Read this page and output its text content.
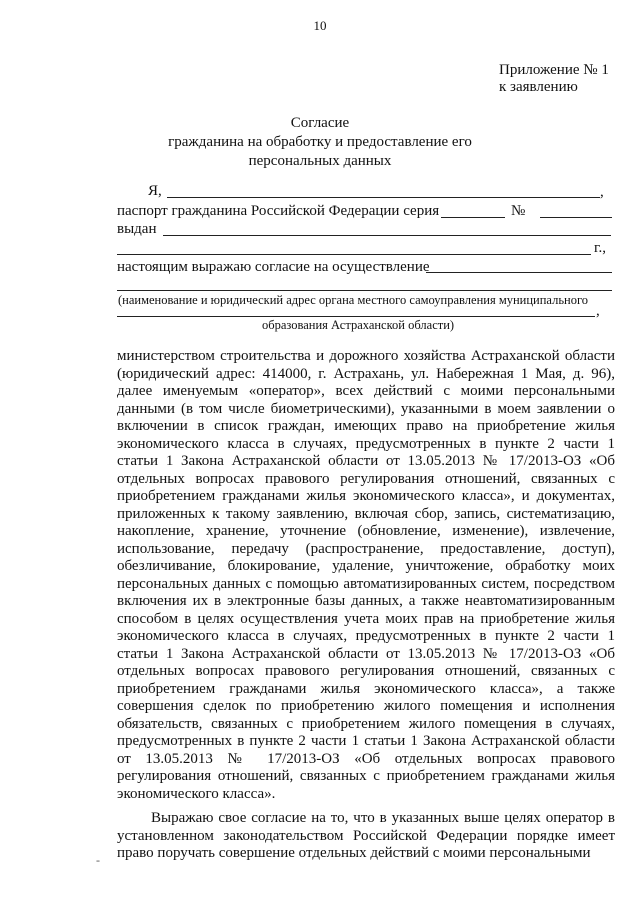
10
Приложение № 1
к заявлению
Согласие
гражданина на обработку и предоставление его
персональных данных
Я,	,
паспорт гражданина Российской Федерации серия	№
выдан
г.,
настоящим выражаю согласие на осуществление
(наименование и юридический адрес органа местного самоуправления муниципального
,
образования Астраханской области)

министерством строительства и дорожного хозяйства Астраханской области (юридический адрес: 414000, г. Астрахань, ул. Набережная 1 Мая, д. 96), далее именуемым «оператор», всех действий с моими персональными данными (в том числе биометрическими), указанными в моем заявлении о включении в список граждан, имеющих право на приобретение жилья экономического класса в случаях, предусмотренных в пункте 2 части 1 статьи 1 Закона Астраханской области от 13.05.2013 № 17/2013-ОЗ «Об отдельных вопросах правового регулирования отношений, связанных с приобретением гражданами жилья экономического класса», и документах, приложенных к такому заявлению, включая сбор, запись, систематизацию, накопление, хранение, уточнение (обновление, изменение), извлечение, использование, передачу (распространение, предоставление, доступ), обезличивание, блокирование, удаление, уничтожение, обработку моих персональных данных с помощью автоматизированных систем, посредством включения их в электронные базы данных, а также неавтоматизированным способом в целях осуществления учета моих прав на приобретение жилья экономического класса в случаях, предусмотренных в пункте 2 части 1 статьи 1 Закона Астраханской области от 13.05.2013 № 17/2013-ОЗ «Об отдельных вопросах правового регулирования отношений, связанных с приобретением гражданами жилья экономического класса», а также совершения сделок по приобретению жилого помещения и исполнения обязательств, связанных с приобретением жилого помещения в случаях, предусмотренных в пункте 2 части 1 статьи 1 Закона Астраханской области от 13.05.2013 № 17/2013-ОЗ «Об отдельных вопросах правового регулирования отношений, связанных с приобретением гражданами жилья экономического класса».

Выражаю свое согласие на то, что в указанных выше целях оператор в установленном законодательством Российской Федерации порядке имеет право поручать совершение отдельных действий с моими персональными

-
